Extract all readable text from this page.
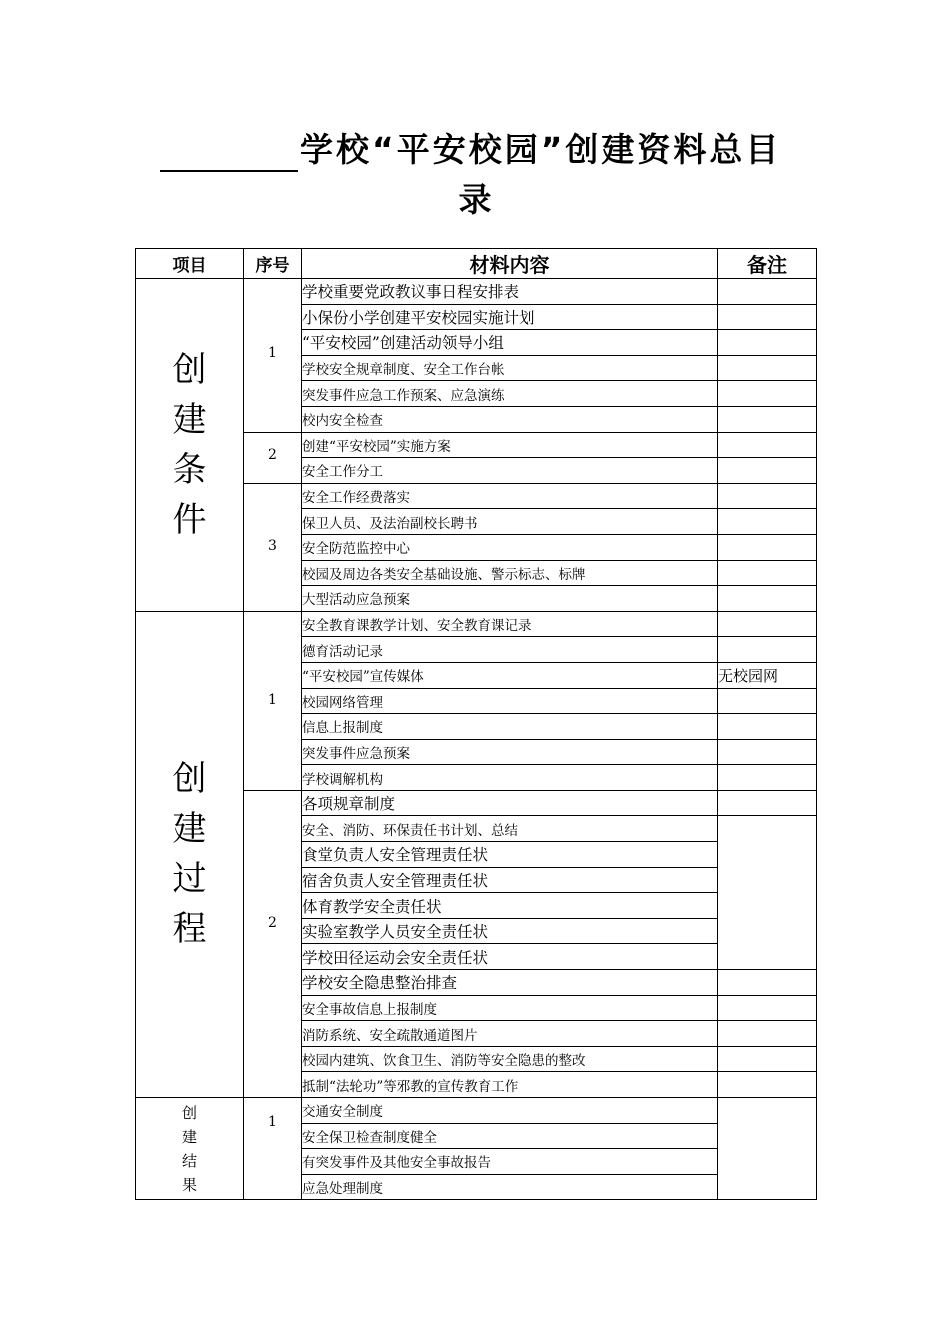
学校“平安校园”创建资料总目
录
项目	序号	材料内容	备注

创建条件	1	学校重要党政教议事日程安排表	
		小保份小学创建平安校园实施计划	
		“平安校园”创建活动领导小组	
		学校安全规章制度、安全工作台帐	
		突发事件应急工作预案、应急演练	
		校内安全检查	

	2	创建“平安校园”实施方案	
		安全工作分工	

	3	安全工作经费落实	
		保卫人员、及法治副校长聘书	
		安全防范监控中心	
		校园及周边各类安全基础设施、警示标志、标牌	
		大型活动应急预案	

创建过程	1	安全教育课教学计划、安全教育课记录	
		德育活动记录	
		“平安校园”宣传媒体	无校园网
		校园网络管理	
		信息上报制度	
		突发事件应急预案	
		学校调解机构	

	2	各项规章制度	
		安全、消防、环保责任书计划、总结	
		食堂负责人安全管理责任状	
		宿舍负责人安全管理责任状	
		体育教学安全责任状	
		实验室教学人员安全责任状	
		学校田径运动会安全责任状	
		学校安全隐患整治排查	
		安全事故信息上报制度	
		消防系统、安全疏散通道图片	
		校园内建筑、饮食卫生、消防等安全隐患的整改	
		抵制“法轮功”等邪教的宣传教育工作	

创建结果	1	交通安全制度	
		安全保卫检查制度健全	
		有突发事件及其他安全事故报告	
		应急处理制度	
